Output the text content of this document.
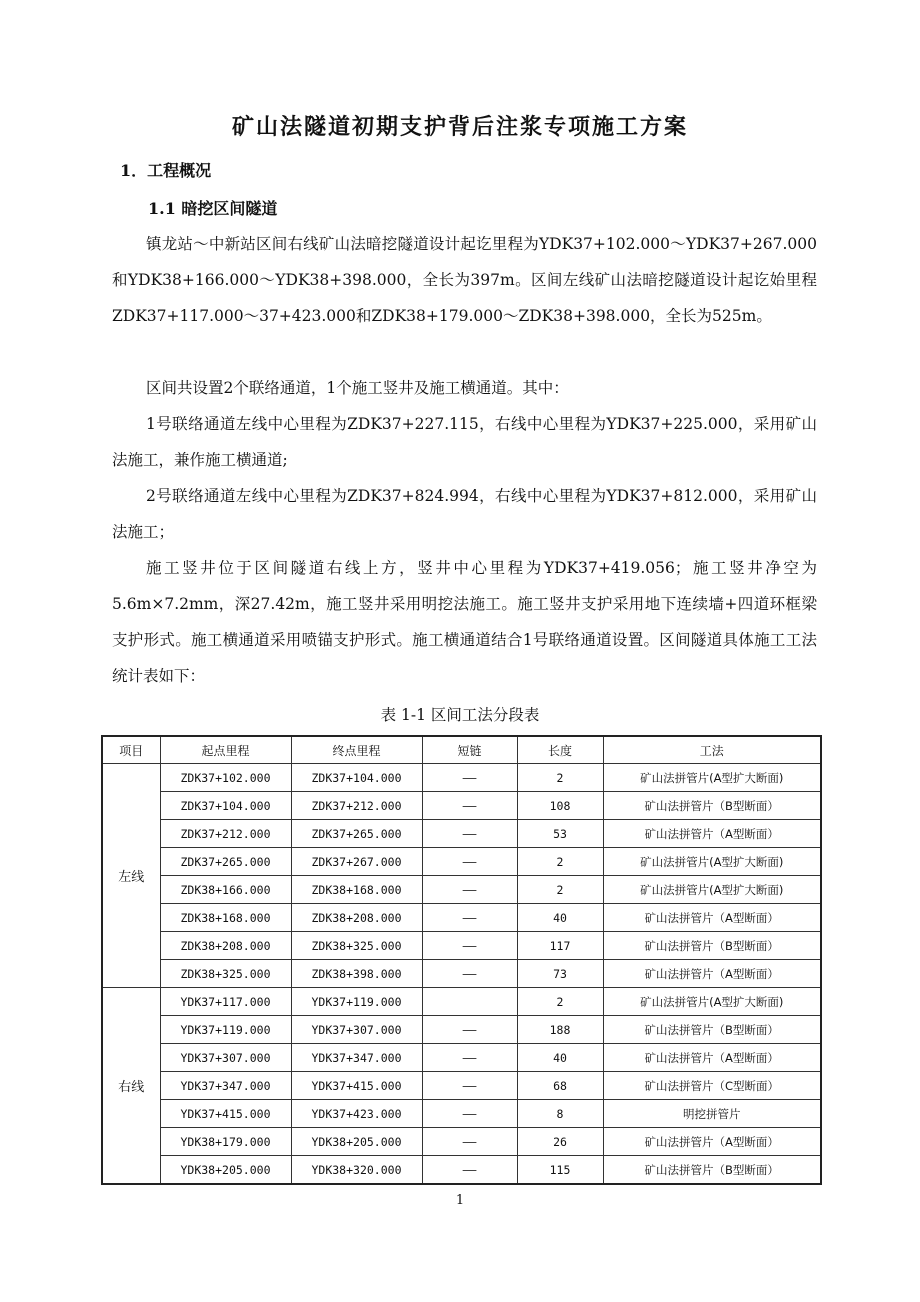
矿山法隧道初期支护背后注浆专项施工方案
1．工程概况
1.1 暗挖区间隧道

镇龙站～中新站区间右线矿山法暗挖隧道设计起讫里程为YDK37+102.000～YDK37+267.000和YDK38+166.000～YDK38+398.000，全长为397m。区间左线矿山法暗挖隧道设计起讫始里程ZDK37+117.000～37+423.000和ZDK38+179.000～ZDK38+398.000，全长为525m。

区间共设置2个联络通道，1个施工竖井及施工横通道。其中：

1号联络通道左线中心里程为ZDK37+227.115，右线中心里程为YDK37+225.000，采用矿山法施工，兼作施工横通道;

2号联络通道左线中心里程为ZDK37+824.994，右线中心里程为YDK37+812.000，采用矿山法施工；

施工竖井位于区间隧道右线上方，竖井中心里程为YDK37+419.056；施工竖井净空为5.6m×7.2mm，深27.42m，施工竖井采用明挖法施工。施工竖井支护采用地下连续墙+四道环框梁支护形式。施工横通道采用喷锚支护形式。施工横通道结合1号联络通道设置。区间隧道具体施工工法统计表如下：

表 1-1 区间工法分段表
项目	起点里程	终点里程	短链	长度	工法
左线	ZDK37+102.000	ZDK37+104.000	——	2	矿山法拼管片(A型扩大断面)
	ZDK37+104.000	ZDK37+212.000	——	108	矿山法拼管片（B型断面）
	ZDK37+212.000	ZDK37+265.000	——	53	矿山法拼管片（A型断面）
	ZDK37+265.000	ZDK37+267.000	——	2	矿山法拼管片(A型扩大断面)
	ZDK38+166.000	ZDK38+168.000	——	2	矿山法拼管片(A型扩大断面)
	ZDK38+168.000	ZDK38+208.000	——	40	矿山法拼管片（A型断面）
	ZDK38+208.000	ZDK38+325.000	——	117	矿山法拼管片（B型断面）
	ZDK38+325.000	ZDK38+398.000	——	73	矿山法拼管片（A型断面）
右线	YDK37+117.000	YDK37+119.000		2	矿山法拼管片(A型扩大断面)
	YDK37+119.000	YDK37+307.000	——	188	矿山法拼管片（B型断面）
	YDK37+307.000	YDK37+347.000	——	40	矿山法拼管片（A型断面）
	YDK37+347.000	YDK37+415.000	——	68	矿山法拼管片（C型断面）
	YDK37+415.000	YDK37+423.000	——	8	明挖拼管片
	YDK38+179.000	YDK38+205.000	——	26	矿山法拼管片（A型断面）
	YDK38+205.000	YDK38+320.000	——	115	矿山法拼管片（B型断面）
1
